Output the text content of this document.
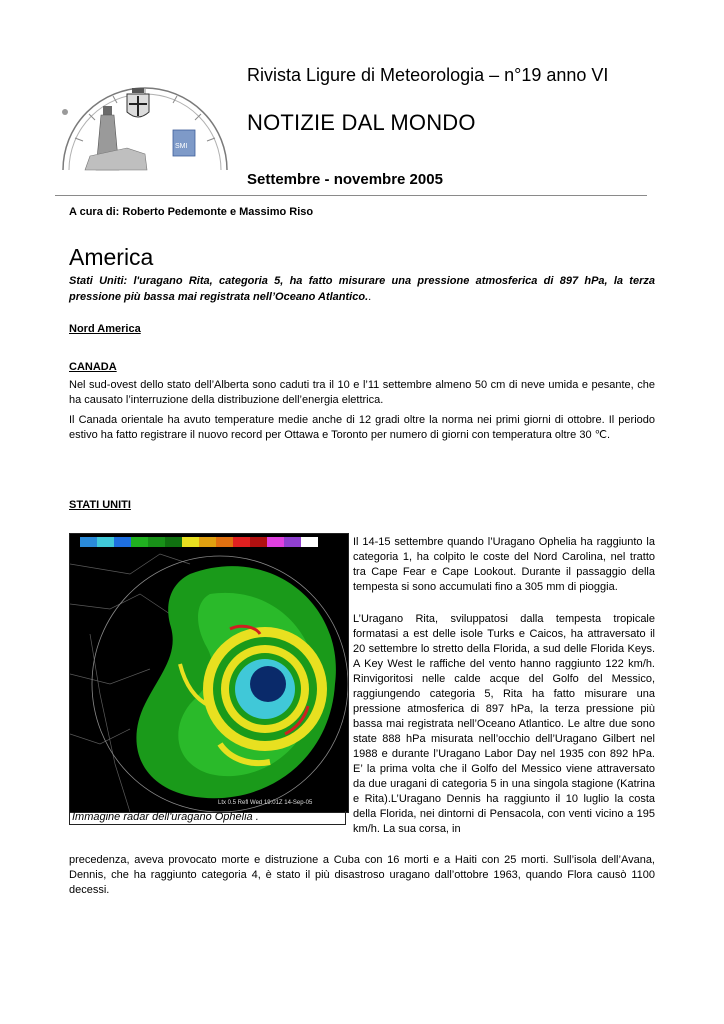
SMI
Rivista Ligure di Meteorologia – n°19 anno VI
NOTIZIE DAL MONDO
Settembre - novembre 2005
A cura di: Roberto Pedemonte e Massimo Riso
America
Stati Uniti: l'uragano Rita, categoria 5, ha fatto misurare una pressione atmosferica di 897 hPa, la terza pressione più bassa mai registrata nell’Oceano Atlantico..
Nord America
CANADA
Nel sud-ovest dello stato dell’Alberta sono caduti tra il 10 e l’11 settembre almeno 50 cm di neve umida e pesante, che ha causato l’interruzione della distribuzione dell’energia elettrica.
Il Canada orientale ha avuto temperature medie anche di 12 gradi oltre la norma nei primi giorni di ottobre. Il periodo estivo ha fatto registrare il nuovo record per Ottawa e Toronto per numero di giorni con temperatura oltre 30 ℃.
STATI UNITI
Ltx 0.5 Refl Wed 19:01Z 14-Sep-05
Immagine radar dell'uragano Ophelia .
Il 14-15 settembre quando l’Uragano Ophelia ha raggiunto la categoria 1, ha colpito le coste del Nord Carolina, nel tratto tra Cape Fear e Cape Lookout. Durante il passaggio della tempesta si sono accumulati fino a 305 mm di pioggia.
L’Uragano Rita, sviluppatosi dalla tempesta tropicale formatasi a est delle isole Turks e Caicos, ha attraversato il 20 settembre lo stretto della Florida, a sud delle Florida Keys. A Key West le raffiche del vento hanno raggiunto 122 km/h. Rinvigoritosi nelle calde acque del Golfo del Messico, raggiungendo categoria 5, Rita ha fatto misurare una pressione atmosferica di 897 hPa, la terza pressione più bassa mai registrata nell’Oceano Atlantico. Le altre due sono state 888 hPa misurata nell’occhio dell’Uragano Gilbert nel 1988 e durante l’Uragano Labor Day nel 1935 con 892 hPa. E’ la prima volta che il Golfo del Messico viene attraversato da due uragani di categoria 5 in una singola stagione (Katrina e Rita).L’Uragano Dennis ha raggiunto il 10 luglio la costa della Florida, nei dintorni di Pensacola, con venti vicino a 195 km/h. La sua corsa, in
precedenza, aveva provocato morte e distruzione a Cuba con 16 morti e a Haiti con 25 morti. Sull’isola dell’Avana, Dennis, che ha raggiunto categoria 4, è stato il più disastroso uragano dall’ottobre 1963, quando Flora causò 1100 decessi.
